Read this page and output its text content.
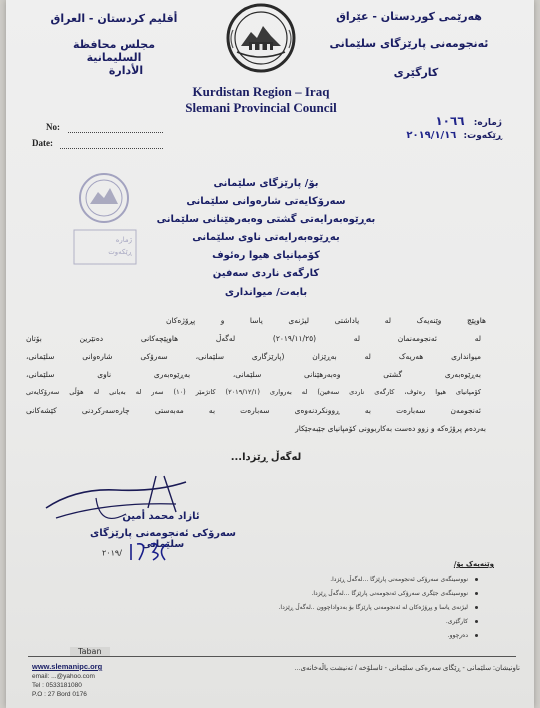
هەرێمی کوردستان - عێراق
ئەنجومەنی پارێزگای سلێمانی
کارگێری
أقليم كردستان - العراق
مجلس محافظة السليمانية
الأدارة
Kurdistan Region – Iraq
Slemani Provincial Council
No:
Date:
ژمارە: ١٠٦٦
ڕێکەوت: ٢٠١٩/١/١٦
ژمارە
ڕێکەوت
بۆ/ پارێزگای سلێمانی
سەرۆکایەتی شارەوانی سلێمانی
بەڕێوەبەرایەتی گشتی وەبەرهێنانی سلێمانی
بەڕێوەبەرایەتی ناوی سلێمانی
کۆمپانیای هیوا رەئوف
کارگەی ناردی سەفین
بابەت/ میوانداری
هاوپێچ وێنەیەک لە یاداشتی لیژنەی یاسا و پڕۆژەکان
لە ئەنجومەنمان لە (٢٠١٩/١١/٢٥) لەگەڵ هاوپێچەکانی دەنێرین بۆتان
میوانداری هەریەک لە بەڕێزان (پارێزگاری سلێمانی، سەرۆکی شارەوانی سلێمانی،
بەڕێوەبەری گشتی وەبەرهێنانی سلێمانی، بەڕێوەبەری ناوی سلێمانی،
کۆمپانیای هیوا رەئوف، کارگەی ناردی سەفین) لە بەرواری (٢٠١٩/١٢/١) کاتژمێر (١٠) سەر لە بەیانی لە هۆڵی سەرۆکایەتی
ئەنجومەن سەبارەت بە ڕوونکردنەوەی سەبارەت بە مەبەستی چارەسەرکردنی کێشەکانی
بەردەم پرۆژەکە و زوو دەست بەکاربوونی کۆمپانیای جێبەجێکار
لەگەڵ ڕێزدا...
ئازاد محمد أمين
سەرۆکی ئەنجومەنی پارێزگای سلێمانی
٢٠١٩/
وێنەیەک بۆ/
نووسینگەی سەرۆکی ئەنجومەنی پارێزگا ...لەگەڵ ڕێزدا.
نووسینگەی جێگری سەرۆکی ئەنجومەنی پارێزگا ...لەگەڵ ڕێزدا.
لیژنەی یاسا و پڕۆژەکان لە ئەنجومەنی پارێزگا بۆ بەدواداچوون ..لەگەڵ ڕێزدا.
کارگێری.
دەرچوو.
Taban
www.slemanipc.org
email: ...@yahoo.com
Tel : 0533181080
P.O : 27 Bord 0176
ناونیشان: سلێمانی - ڕێگای سەرەکی سلێمانی - ئاسلۆخە / تەنیشت باڵەخانەی...
